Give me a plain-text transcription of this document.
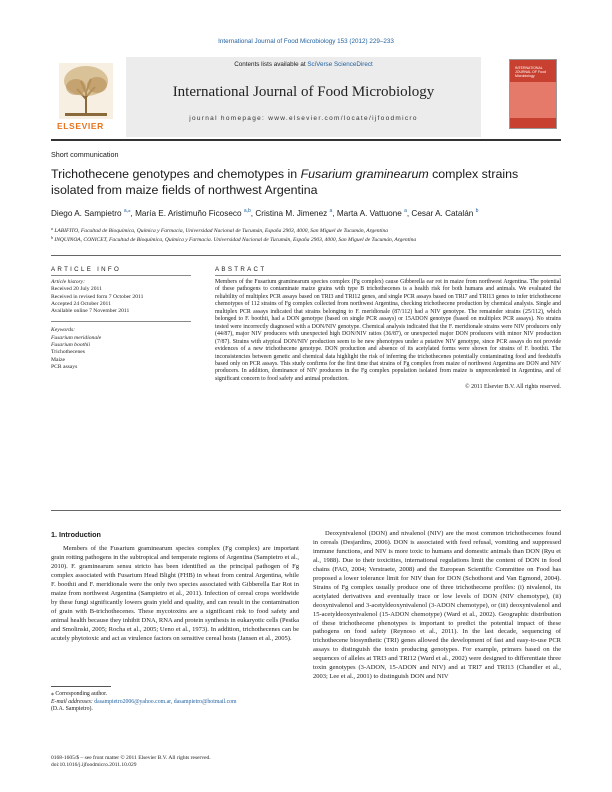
International Journal of Food Microbiology 153 (2012) 229–233
ELSEVIER
Contents lists available at SciVerse ScienceDirect
International Journal of Food Microbiology
journal homepage: www.elsevier.com/locate/ijfoodmicro
INTERNATIONAL JOURNAL OF Food Microbiology
Short communication
Trichothecene genotypes and chemotypes in Fusarium graminearum complex strains isolated from maize fields of northwest Argentina
Diego A. Sampietro $^{a,⁎}$, María E. Aristimuño Ficoseco $^{a,b}$, Cristina M. Jimenez $^a$, Marta A. Vattuone $^a$, Cesar A. Catalán $^b$
$^a$ LABIFITO, Facultad de Bioquímica, Química y Farmacia, Universidad Nacional de Tucumán, España 2903, 4000, San Miguel de Tucumán, Argentina
$^b$ INQUINOA, CONICET, Facultad de Bioquímica, Química y Farmacia. Universidad Nacional de Tucumán, España 2903, 4000, San Miguel de Tucumán, Argentina
ARTICLE INFO	ABSTRACT
Article history:
Received 20 July 2011
Received in revised form 7 October 2011
Accepted 24 October 2011
Available online 7 November 2011
Keywords:
Fusarium meridionale
Fusarium boothii
Trichothecenes
Maize
PCR assays
Members of the Fusarium graminearum species complex (Fg complex) cause Gibberella ear rot in maize from northwest Argentina. The potential of these pathogens to contaminate maize grains with type B trichothecenes is a health risk for both humans and animals. We evaluated the reliability of multiplex PCR assays based on TRI3 and TRI12 genes, and single PCR assays based on TRI7 and TRI13 genes to infer trichothecene chemotypes of 112 strains of Fg complex collected from northwest Argentina, checking trichothecene production by chemical analysis. Single and multiplex PCR assays indicated that strains belonging to F. meridionale (87/112) had a NIV genotype. The remainder strains (25/112), which belonged to F. boothii, had a DON genotype (based on single PCR assays) or 15ADON genotype (based on multiplex PCR assays). No strains tested were incorrectly diagnosed with a DON/NIV genotype. Chemical analysis indicated that the F. meridionale strains were NIV producers only (44/87), major NIV producers with unexpected high DON/NIV ratios (36/87), or unexpected major DON producers with minor NIV production (7/87). Strains with atypical DON/NIV production seem to be new phenotypes under a putative NIV genotype, since PCR assays do not provide evidences of a new trichothecene genotype. DON production and absence of its acetylated forms were shown for strains of F. boothii. The inconsistencies between genetic and chemical data highlight the risk of inferring the trichothecenes potentially contaminating food and feedstuffs based only on PCR assays. This study confirms for the first time that strains of Fg complex from maize of northwest Argentina are DON and NIV producers. In addition, dominance of NIV producers in the Fg complex population isolated from maize is unprecedented in Argentina, and of significant concern to food safety and animal production.
© 2011 Elsevier B.V. All rights reserved.
1. Introduction

Members of the Fusarium graminearum species complex (Fg complex) are important grain rotting pathogens in the subtropical and temperate regions of Argentina (Sampietro et al., 2010). F. graminearum sensu stricto has been identified as the principal pathogen of Fg complex associated with Fusarium Head Blight (FHB) in wheat from central Argentina, while F. boothii and F. meridionale were the only two species associated with Gibberella Ear Rot in maize from northwest Argentina (Sampietro et al., 2011). Infection of cereal crops worldwide by these fungi significantly lowers grain yield and quality, and can result in the contamination of grain with B-trichothecenes. These mycotoxins are a significant risk to food safety and animal health because they inhibit DNA, RNA and protein synthesis in eukaryotic cells (Pestka and Smolinski, 2005; Rocha et al., 2005; Ueno et al., 1973). In addition, trichothecenes can be acutely phytotoxic and act as virulence factors on sensitive cereal hosts (Jansen et al., 2005).

Deoxynivalenol (DON) and nivalenol (NIV) are the most common trichothecenes found in cereals (Desjardins, 2006). DON is associated with feed refusal, vomiting and suppressed immune functions, and NIV is more toxic to humans and domestic animals than DON (Ryu et al., 1988). Due to their toxicities, international regulations limit the content of DON in food chains (FAO, 2004; Verstraete, 2008) and the European Scientific Committee on Food has proposed a lower tolerance limit for NIV than for DON (Schothorst and Van Egmond, 2004). Strains of Fg complex usually produce one of three trichothecene profiles: (i) nivalenol, its acetylated derivatives and eventually trace or low levels of DON (NIV chemotype), (ii) deoxynivalenol and 3-acetyldeoxynivalenol (3-ADON chemotype), or (iii) deoxynivalenol and 15-acetyldeoxynivalenol (15-ADON chemotype) (Ward et al., 2002). Geographic distribution of these trichothecene phenotypes is important to predict the potential impact of these pathogens on food safety (Reynoso et al., 2011). In the last decade, sequencing of trichothecene biosynthetic (TRI) genes allowed the development of fast and easy-to-use PCR assays to distinguish the toxin producing genotypes. For example, primers based on the sequences of alleles at TRI3 and TRI12 (Ward et al., 2002) were designed to differentiate three toxin genotypes (3-ADON, 15-ADON and NIV) and at TRI7 and TRI13 (Chandler et al., 2003; Lee et al., 2001) to distinguish DON and NIV

⁎ Corresponding author.
E-mail addresses: dasampietro2006@yahoo.com.ar, dasampietro@hotmail.com
(D.A. Sampietro).
0168-1605/$ – see front matter © 2011 Elsevier B.V. All rights reserved.
doi:10.1016/j.ijfoodmicro.2011.10.029
